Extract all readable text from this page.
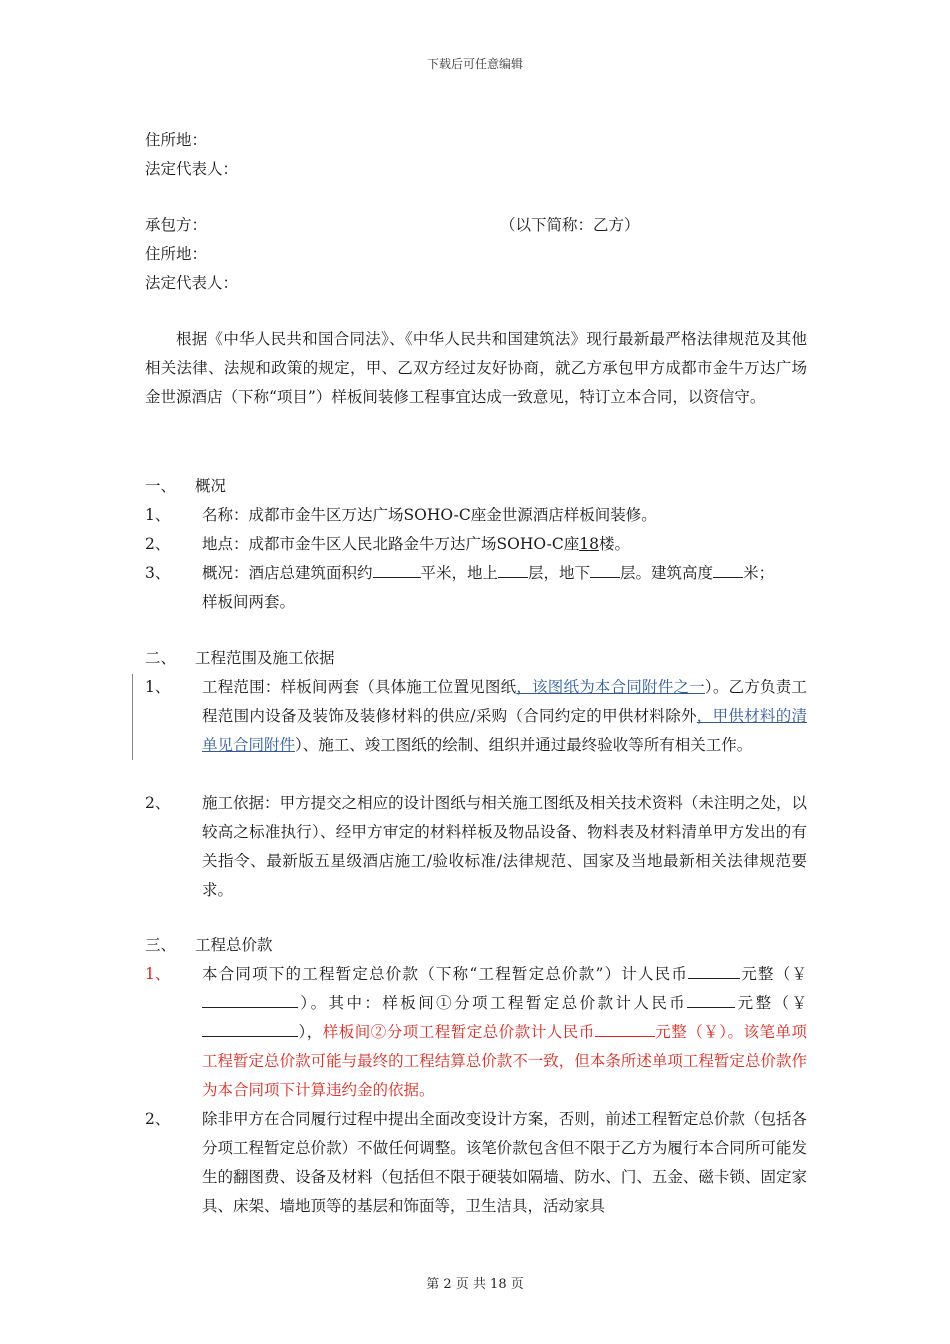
下载后可任意编辑
住所地：
法定代表人：
承包方：	（以下简称：乙方）
住所地：
法定代表人：
根据《中华人民共和国合同法》、《中华人民共和国建筑法》现行最新最严格法律规范及其他相关法律、法规和政策的规定，甲、乙双方经过友好协商，就乙方承包甲方成都市金牛万达广场金世源酒店（下称“项目”）样板间装修工程事宜达成一致意见，特订立本合同，以资信守。
一、 概况
1、 名称：成都市金牛区万达广场SOHO-C座金世源酒店样板间装修。
2、 地点：成都市金牛区人民北路金牛万达广场SOHO-C座18楼。
3、 概况：酒店总建筑面积约	平米，地上 层，地下 层。建筑高度 米；
样板间两套。
二、 工程范围及施工依据
1、 工程范围：样板间两套（具体施工位置见图纸，该图纸为本合同附件之一）。乙方负责工程范围内设备及装饰及装修材料的供应/采购（合同约定的甲供材料除外，甲供材料的清单见合同附件）、施工、竣工图纸的绘制、组织并通过最终验收等所有相关工作。
2、 施工依据：甲方提交之相应的设计图纸与相关施工图纸及相关技术资料（未注明之处，以较高之标准执行）、经甲方审定的材料样板及物品设备、物料表及材料清单甲方发出的有关指令、最新版五星级酒店施工/验收标准/法律规范、国家及当地最新相关法律规范要求。
三、 工程总价款
1、 本合同项下的工程暂定总价款（下称“工程暂定总价款”）计人民币	元整（￥）。其中：样板间①分项工程暂定总价款计人民币	元整（￥），样板间②分项工程暂定总价款计人民币	元整（￥）。该笔单项工程暂定总价款可能与最终的工程结算总价款不一致，但本条所述单项工程暂定总价款作为本合同项下计算违约金的依据。
2、 除非甲方在合同履行过程中提出全面改变设计方案，否则，前述工程暂定总价款（包括各分项工程暂定总价款）不做任何调整。该笔价款包含但不限于乙方为履行本合同所可能发生的翻图费、设备及材料（包括但不限于硬装如隔墙、防水、门、五金、磁卡锁、固定家具、床架、墙地顶等的基层和饰面等，卫生洁具，活动家具
第 2 页 共 18 页
